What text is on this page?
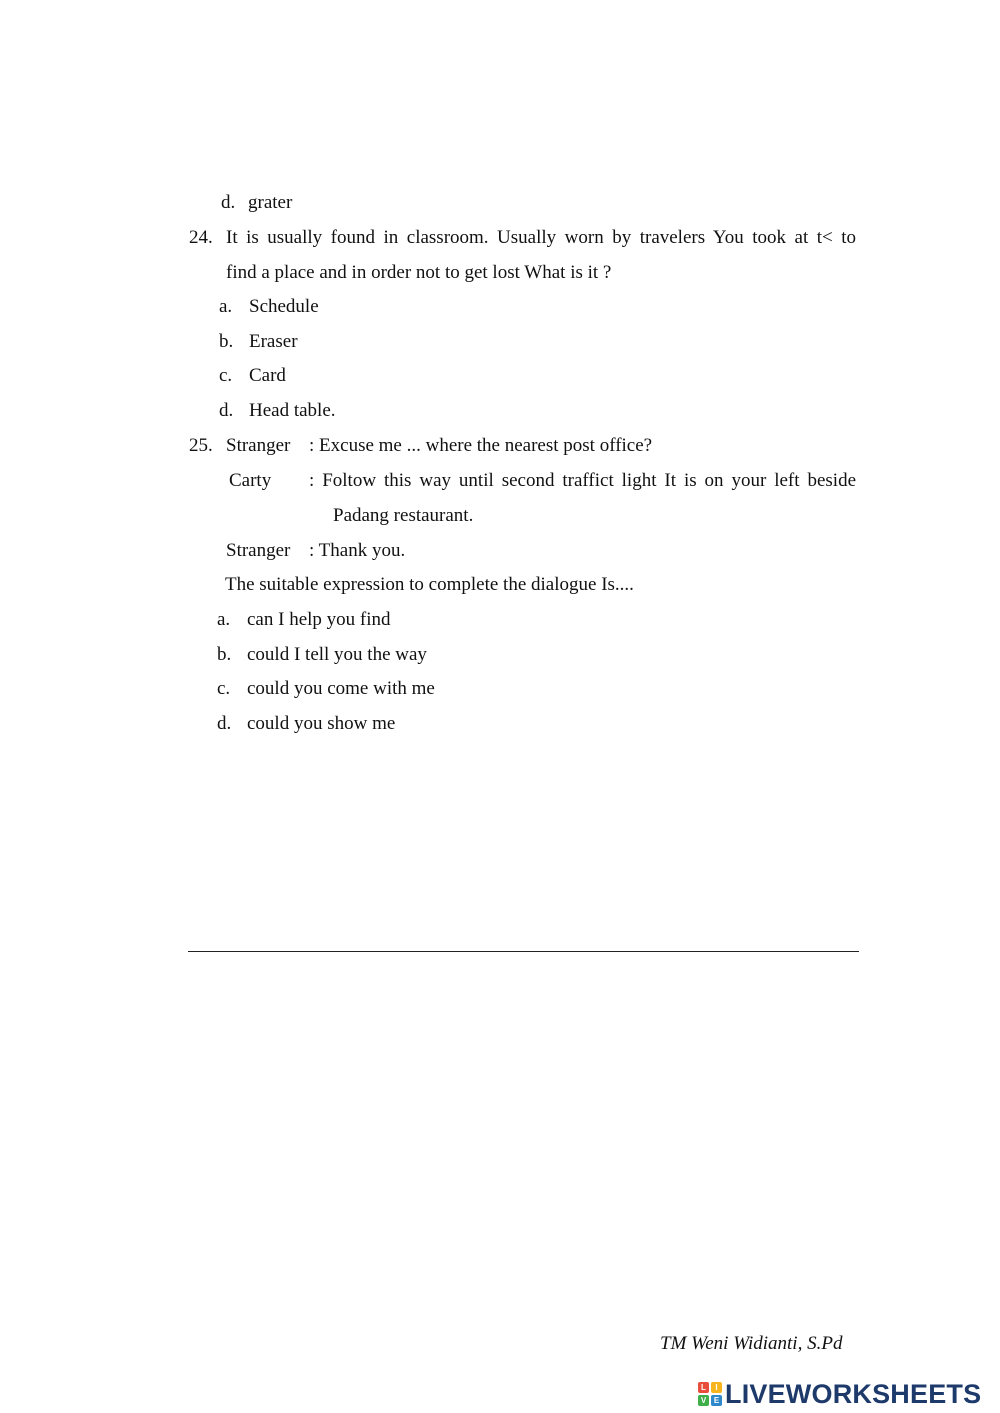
d. grater
24. It is usually found in classroom. Usually worn by travelers You took at t< to
find a place and in order not to get lost What is it ?
a. Schedule
b. Eraser
c. Card
d. Head table.
25. Stranger : Excuse me ... where the nearest post office?
Carty : Foltow this way until second traffict light It is on your left beside
Padang restaurant.
Stranger : Thank you.
The suitable expression to complete the dialogue Is....
a. can I help you find
b. could I tell you the way
c. could you come with me
d. could you show me
TM Weni Widianti, S.Pd
L	I
V E LIVEWORKSHEETS
